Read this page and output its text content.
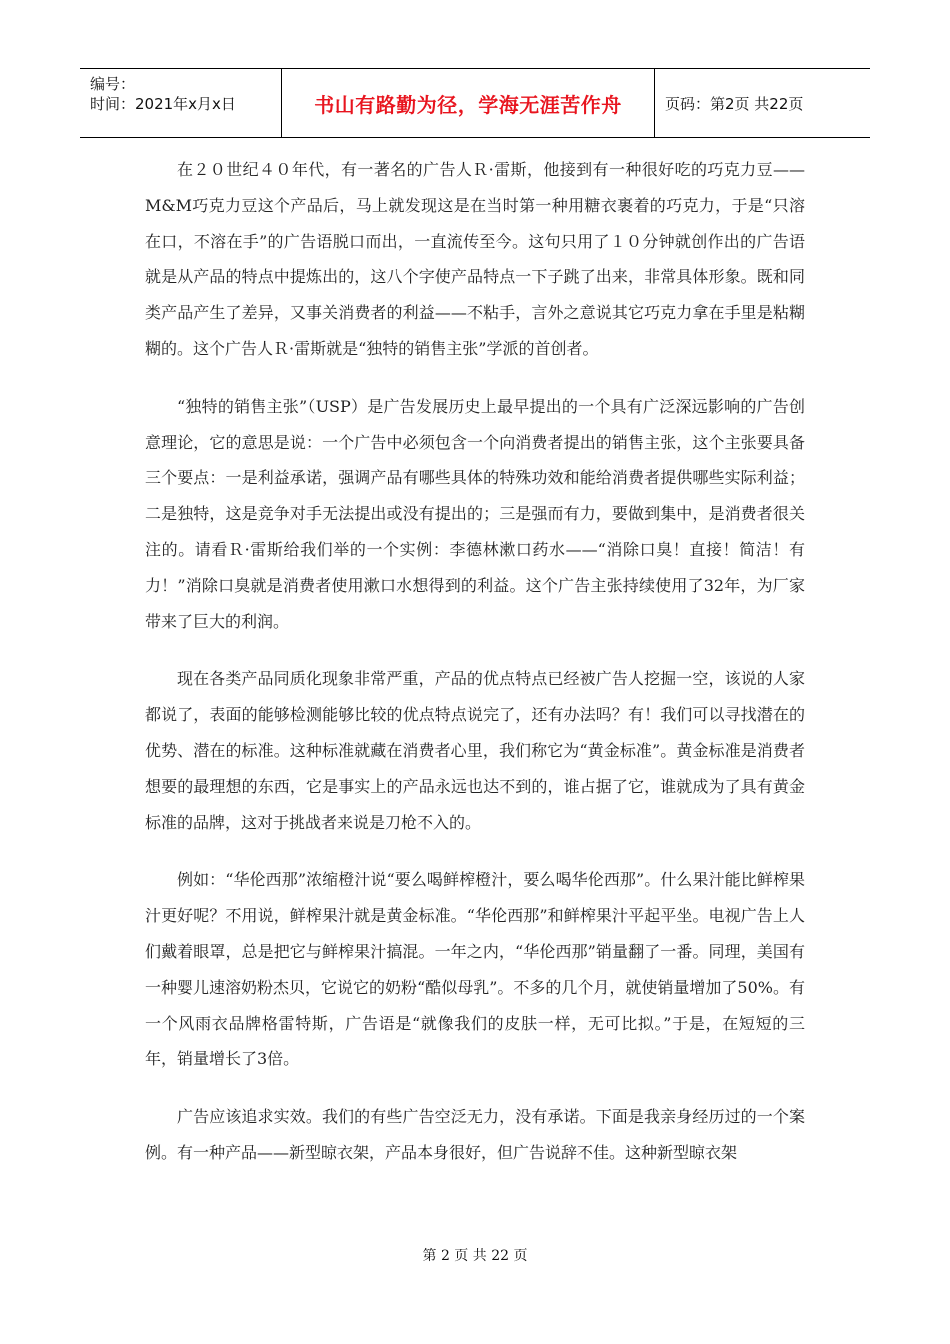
编号：
时间：2021年x月x日	书山有路勤为径，学海无涯苦作舟	页码：第2页 共22页

在２０世纪４０年代，有一著名的广告人Ｒ·雷斯，他接到有一种很好吃的巧克力豆——M&M巧克力豆这个产品后，马上就发现这是在当时第一种用糖衣裹着的巧克力，于是“只溶在口，不溶在手”的广告语脱口而出，一直流传至今。这句只用了１０分钟就创作出的广告语就是从产品的特点中提炼出的，这八个字使产品特点一下子跳了出来，非常具体形象。既和同类产品产生了差异，又事关消费者的利益——不粘手，言外之意说其它巧克力拿在手里是粘糊糊的。这个广告人Ｒ·雷斯就是“独特的销售主张”学派的首创者。

“独特的销售主张”（USP）是广告发展历史上最早提出的一个具有广泛深远影响的广告创意理论，它的意思是说：一个广告中必须包含一个向消费者提出的销售主张，这个主张要具备三个要点：一是利益承诺，强调产品有哪些具体的特殊功效和能给消费者提供哪些实际利益；二是独特，这是竞争对手无法提出或没有提出的；三是强而有力，要做到集中，是消费者很关注的。请看Ｒ·雷斯给我们举的一个实例：李德林漱口药水——“消除口臭！直接！简洁！有力！”消除口臭就是消费者使用漱口水想得到的利益。这个广告主张持续使用了32年，为厂家带来了巨大的利润。

现在各类产品同质化现象非常严重，产品的优点特点已经被广告人挖掘一空，该说的人家都说了，表面的能够检测能够比较的优点特点说完了，还有办法吗？有！我们可以寻找潜在的优势、潜在的标准。这种标准就藏在消费者心里，我们称它为“黄金标准”。黄金标准是消费者想要的最理想的东西，它是事实上的产品永远也达不到的，谁占据了它，谁就成为了具有黄金标准的品牌，这对于挑战者来说是刀枪不入的。

例如：“华伦西那”浓缩橙汁说“要么喝鲜榨橙汁，要么喝华伦西那”。什么果汁能比鲜榨果汁更好呢？不用说，鲜榨果汁就是黄金标准。“华伦西那”和鲜榨果汁平起平坐。电视广告上人们戴着眼罩，总是把它与鲜榨果汁搞混。一年之内，“华伦西那”销量翻了一番。同理，美国有一种婴儿速溶奶粉杰贝，它说它的奶粉“酷似母乳”。不多的几个月，就使销量增加了50%。有一个风雨衣品牌格雷特斯，广告语是“就像我们的皮肤一样，无可比拟。”于是，在短短的三年，销量增长了3倍。

广告应该追求实效。我们的有些广告空泛无力，没有承诺。下面是我亲身经历过的一个案例。有一种产品——新型晾衣架，产品本身很好，但广告说辞不佳。这种新型晾衣架

第 2 页 共 22 页
